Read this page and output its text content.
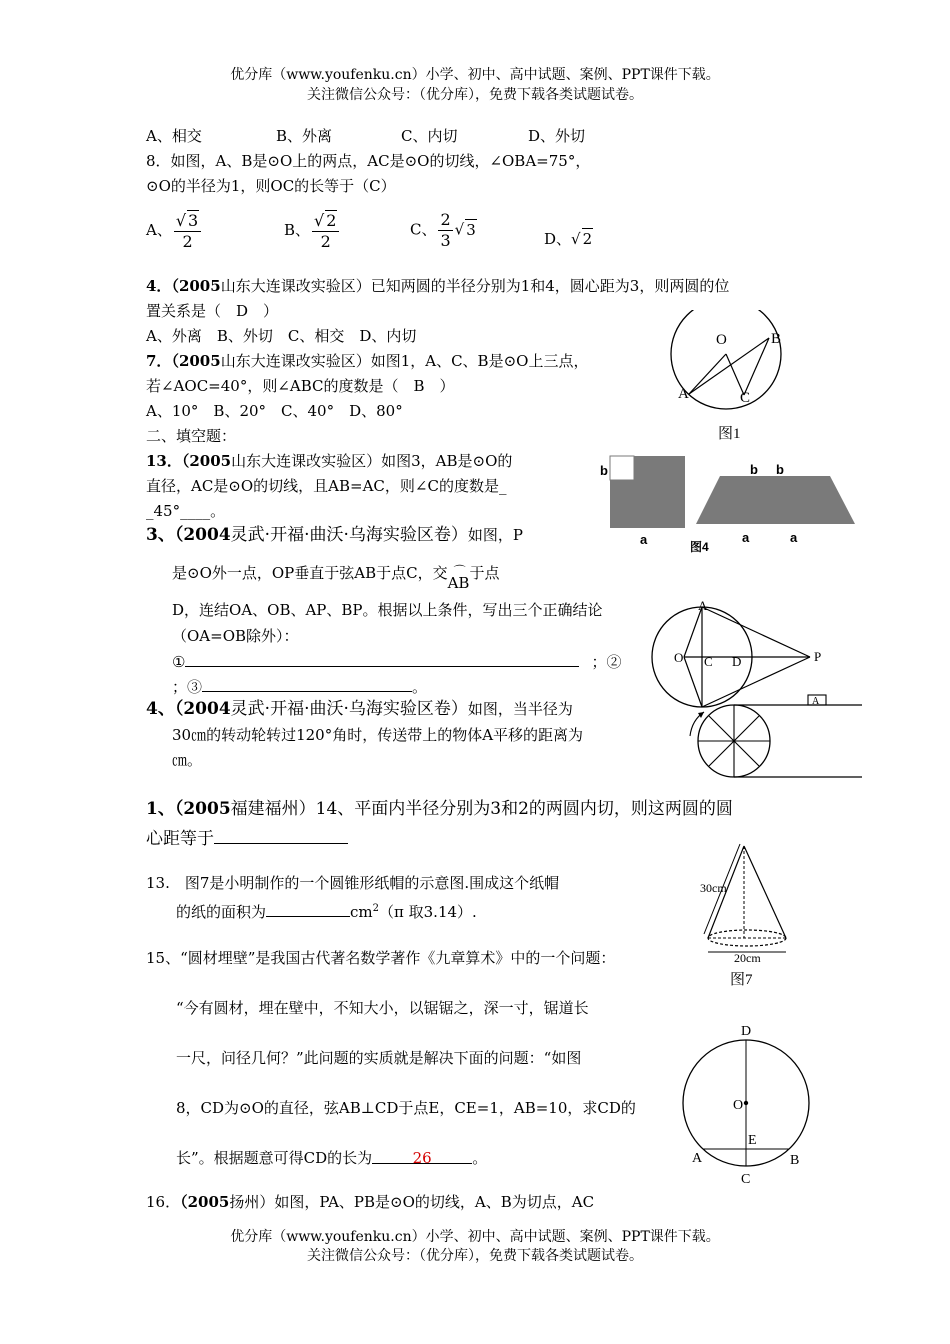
优分库（www.youfenku.cn）小学、初中、高中试题、案例、PPT课件下载。
关注微信公众号：（优分库），免费下载各类试题试卷。
A、相交	B、外离	C、内切	D、外切
8．如图，A、B是⊙O上的两点，AC是⊙O的切线，∠OBA=75°，
⊙O的半径为1，则OC的长等于（C）
A、 $\frac{√ 3}{2}$	B、 $\frac{√ 2}{2}$	C、 $\frac{2}{3}$ √ 3
D、√ 2
4．（2005山东大连课改实验区）已知两圆的半径分别为1和4，圆心距为3，则两圆的位
置关系是（　D　）
A、外离　B、外切　C、相交　D、内切
7．（2005山东大连课改实验区）如图1，A、C、B是⊙O上三点，
若∠AOC=40°，则∠ABC的度数是（　B　）
A、10°　B、20°　C、40°　D、80°
二、填空题：
13．（2005山东大连课改实验区）如图3，AB是⊙O的
直径，AC是⊙O的切线，且AB=AC，则∠C的度数是_
_45°____。
3、（2004灵武·开福·曲沃·乌海实验区卷）如图，P
是⊙O外一点，OP垂直于弦AB于点C，交 ⌒
AB于点
D，连结OA、OB、AP、BP。根据以上条件，写出三个正确结论
（OA=OB除外）：
①	；②
；③	。
4、（2004灵武·开福·曲沃·乌海实验区卷）如图，当半径为
30㎝的转动轮转过120°角时，传送带上的物体A平移的距离为
㎝。
1、（2005福建福州）14、平面内半径分别为3和2的两圆内切，则这两圆的圆
心距等于
13.　图7是小明制作的一个圆锥形纸帽的示意图.围成这个纸帽
的纸的面积为	$cm^2(\pi$ 取3.14）.
15、“圆材埋壁”是我国古代著名数学著作《九章算术》中的一个问题：
“今有圆材，埋在壁中，不知大小，以锯锯之，深一寸，锯道长
一尺，问径几何？”此问题的实质就是解决下面的问题：“如图
8，CD为⊙O的直径，弦AB⊥CD于点E，CE=1，AB=10，求CD的
长”。根据题意可得CD的长为	26	。
16．（2005扬州）如图，PA、PB是⊙O的切线，A、B为切点，AC
优分库（www.youfenku.cn）小学、初中、高中试题、案例、PPT课件下载。
关注微信公众号：（优分库），免费下载各类试题试卷。
O
A
B
C
图1
b	b b
a	a	a
图4
A
O C D	P
A
30cm
20cm
图7
D
O
E
A	B
C
